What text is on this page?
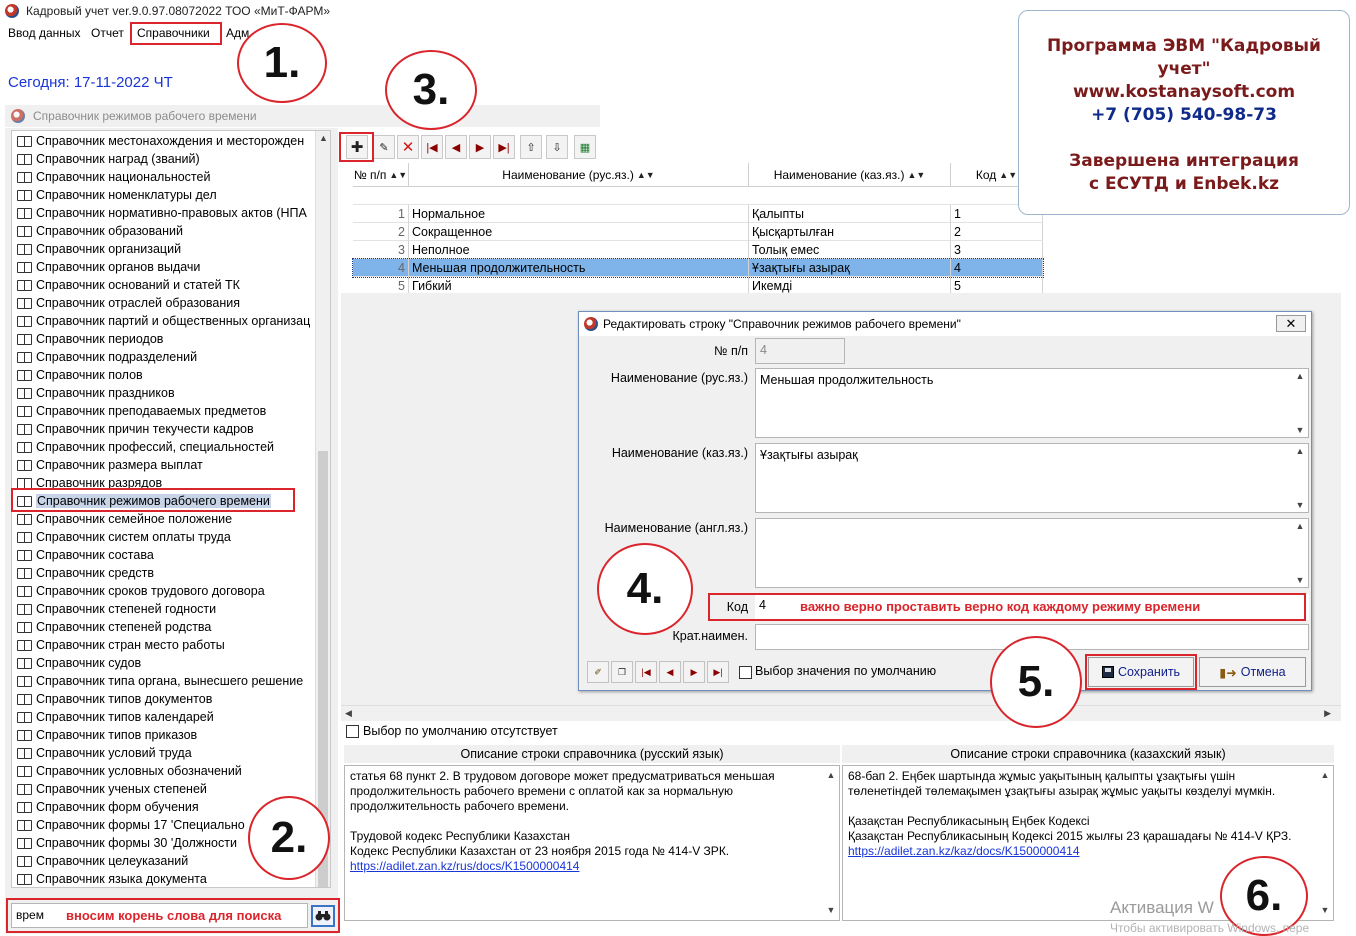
Кадровый учет ver.9.0.97.08072022 ТОО «МиТ-ФАРМ»
Ввод данных Отчет Справочники Адм
Сегодня: 17-11-2022 ЧТ
Справочник режимов рабочего времени
▲
Справочник местонахождения и месторожден
Справочник наград (званий)
Справочник национальностей
Справочник номенклатуры дел
Справочник нормативно-правовых актов (НПА
Справочник образований
Справочник организаций
Справочник органов выдачи
Справочник оснований и статей ТК
Справочник отраслей образования
Справочник партий и общественных организац
Справочник периодов
Справочник подразделений
Справочник полов
Справочник праздников
Справочник преподаваемых предметов
Справочник причин текучести кадров
Справочник профессий, специальностей
Справочник размера выплат
Справочник разрядов
Справочник режимов рабочего времени
Справочник семейное положение
Справочник систем оплаты труда
Справочник состава
Справочник средств
Справочник сроков трудового договора
Справочник степеней годности
Справочник степеней родства
Справочник стран место работы
Справочник судов
Справочник типа органа, вынесшего решение
Справочник типов документов
Справочник типов календарей
Справочник типов приказов
Справочник условий труда
Справочник условных обозначений
Справочник ученых степеней
Справочник форм обучения
Справочник формы 17 'Специально
Справочник формы 30 'Должности
Справочник целеуказаний
Справочник языка документа
врем вносим корень слова для поиска
✚ ✎ ✕ |◀ ◀ ▶ ▶| ⇧ ⇩ ▦
№ п/п ▲▼	Наименование (рус.яз.) ▲▼	Наименование (каз.яз.) ▲▼	Код ▲▼
1 Нормальное	Қалыпты	1
2 Сокращенное	Қысқартылған	2
3 Неполное	Толық емес	3
4 Меньшая продолжительность	Ұзақтығы азырақ	4
5 Гибкий	Икемді	5
◀	▶
Выбор по умолчанию отсутствует
Описание строки справочника (русский язык)	Описание строки справочника (казахский язык)

статья 68 пункт 2. В трудовом договоре может предусматриваться меньшая

продолжительность рабочего времени с оплатой как за нормальную

продолжительность рабочего времени.

Трудовой кодекс Республики Казахстан

Кодекс Республики Казахстан от 23 ноября 2015 года № 414-V ЗРК.

https://adilet.zan.kz/rus/docs/K1500000414

▲
▼

68-бап 2. Еңбек шартында жұмыс уақытының қалыпты ұзақтығы үшін

төленетіндей төлемақымен ұзақтығы азырақ жұмыс уақыты көзделуі мүмкін.

Қазақстан Республикасының Еңбек Кодексі

Қазақстан Республикасының Кодексі 2015 жылғы 23 қарашадағы № 414-V ҚРЗ.

https://adilet.zan.kz/kaz/docs/K1500000414

▲
▼
Редактировать строку "Справочник режимов рабочего времени"	✕
№ п/п 4
Наименование (рус.яз.) Меньшая продолжительность	▲
▼
Наименование (каз.яз.) Ұзақтығы азырақ	▲
▼
Наименование (англ.яз.)	▲
▼
Код 4	важно верно проставить верно код каждому режиму времени
Крат.наимен.
✐ ❐ |◀ ◀ ▶ ▶|	Выбор значения по умолчанию	Сохранить	▮➜ Отмена
1.
2.
3.
4.
5.
6.
Программа ЭВМ "Кадровый учет"
www.kostanaysoft.com
+7 (705) 540-98-73
Завершена интеграция
с ЕСУТД и Enbek.kz
Активация W
Чтобы активировать Windows, пере
